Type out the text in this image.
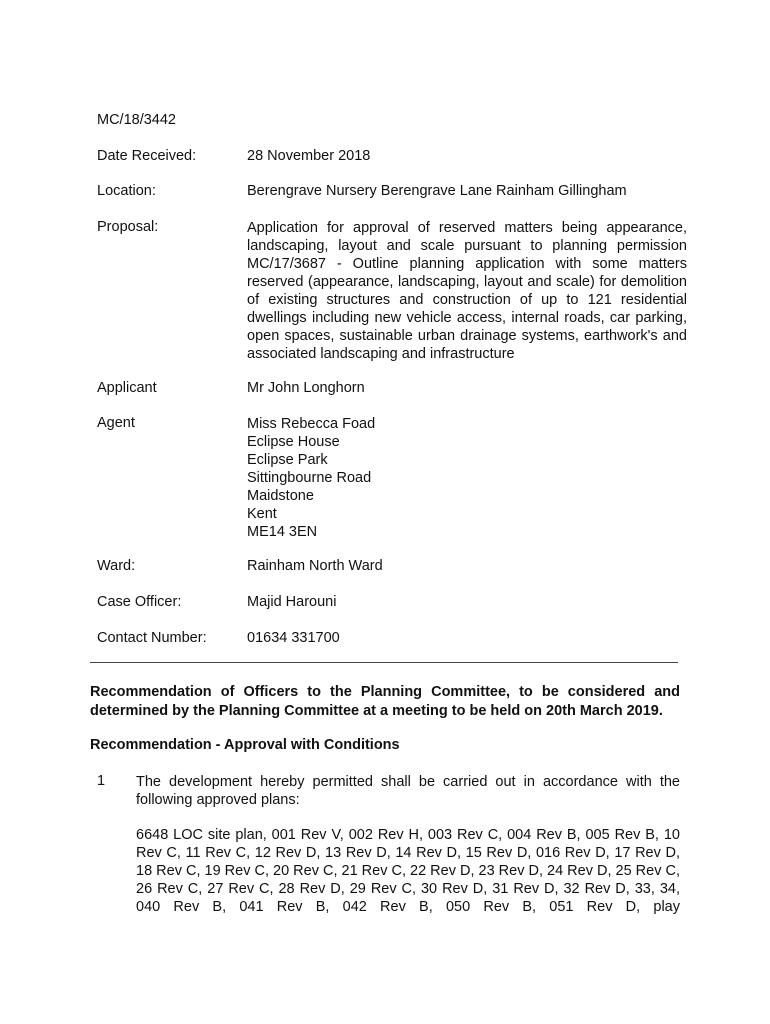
MC/18/3442
Date Received:	28 November 2018
Location:	Berengrave Nursery Berengrave Lane Rainham Gillingham
Proposal:	Application for approval of reserved matters being appearance, landscaping, layout and scale pursuant to planning permission MC/17/3687 - Outline planning application with some matters reserved (appearance, landscaping, layout and scale) for demolition of existing structures and construction of up to 121 residential dwellings including new vehicle access, internal roads, car parking, open spaces, sustainable urban drainage systems, earthwork's and associated landscaping and infrastructure
Applicant	Mr John Longhorn
Agent	Miss Rebecca Foad
Eclipse House
Eclipse Park
Sittingbourne Road
Maidstone
Kent
ME14 3EN
Ward:	Rainham North Ward
Case Officer:	Majid Harouni
Contact Number:	01634 331700
Recommendation of Officers to the Planning Committee, to be considered and determined by the Planning Committee at a meeting to be held on 20th March 2019.
Recommendation - Approval with Conditions
1 The development hereby permitted shall be carried out in accordance with the following approved plans:
6648 LOC site plan, 001 Rev V, 002 Rev H, 003 Rev C, 004 Rev B, 005 Rev B, 10 Rev C, 11 Rev C, 12 Rev D, 13 Rev D, 14 Rev D, 15 Rev D, 016 Rev D, 17 Rev D, 18 Rev C, 19 Rev C, 20 Rev C, 21 Rev C, 22 Rev D, 23 Rev D, 24 Rev D, 25 Rev C, 26 Rev C, 27 Rev C, 28 Rev D, 29 Rev C, 30 Rev D, 31 Rev D, 32 Rev D, 33, 34, 040 Rev B, 041 Rev B, 042 Rev B, 050 Rev B, 051 Rev D, play
